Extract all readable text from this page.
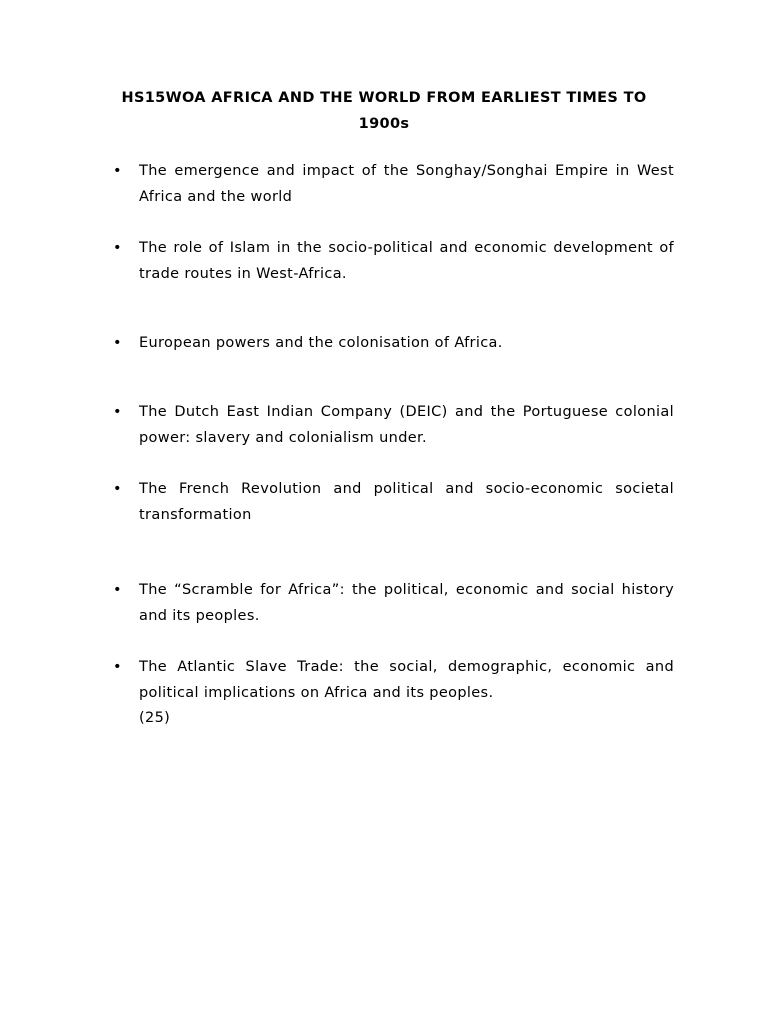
HS15WOA AFRICA AND THE WORLD FROM EARLIEST TIMES TO
1900s
• The emergence and impact of the Songhay/Songhai Empire in West
Africa and the world
• The role of Islam in the socio-political and economic development of
trade routes in West-Africa.
• European powers and the colonisation of Africa.
• The Dutch East Indian Company (DEIC) and the Portuguese colonial
power: slavery and colonialism under.
• The French Revolution and political and socio-economic societal
transformation
• The “Scramble for Africa”: the political, economic and social history
and its peoples.
• The Atlantic Slave Trade: the social, demographic, economic and
political implications on Africa and its peoples.
(25)
